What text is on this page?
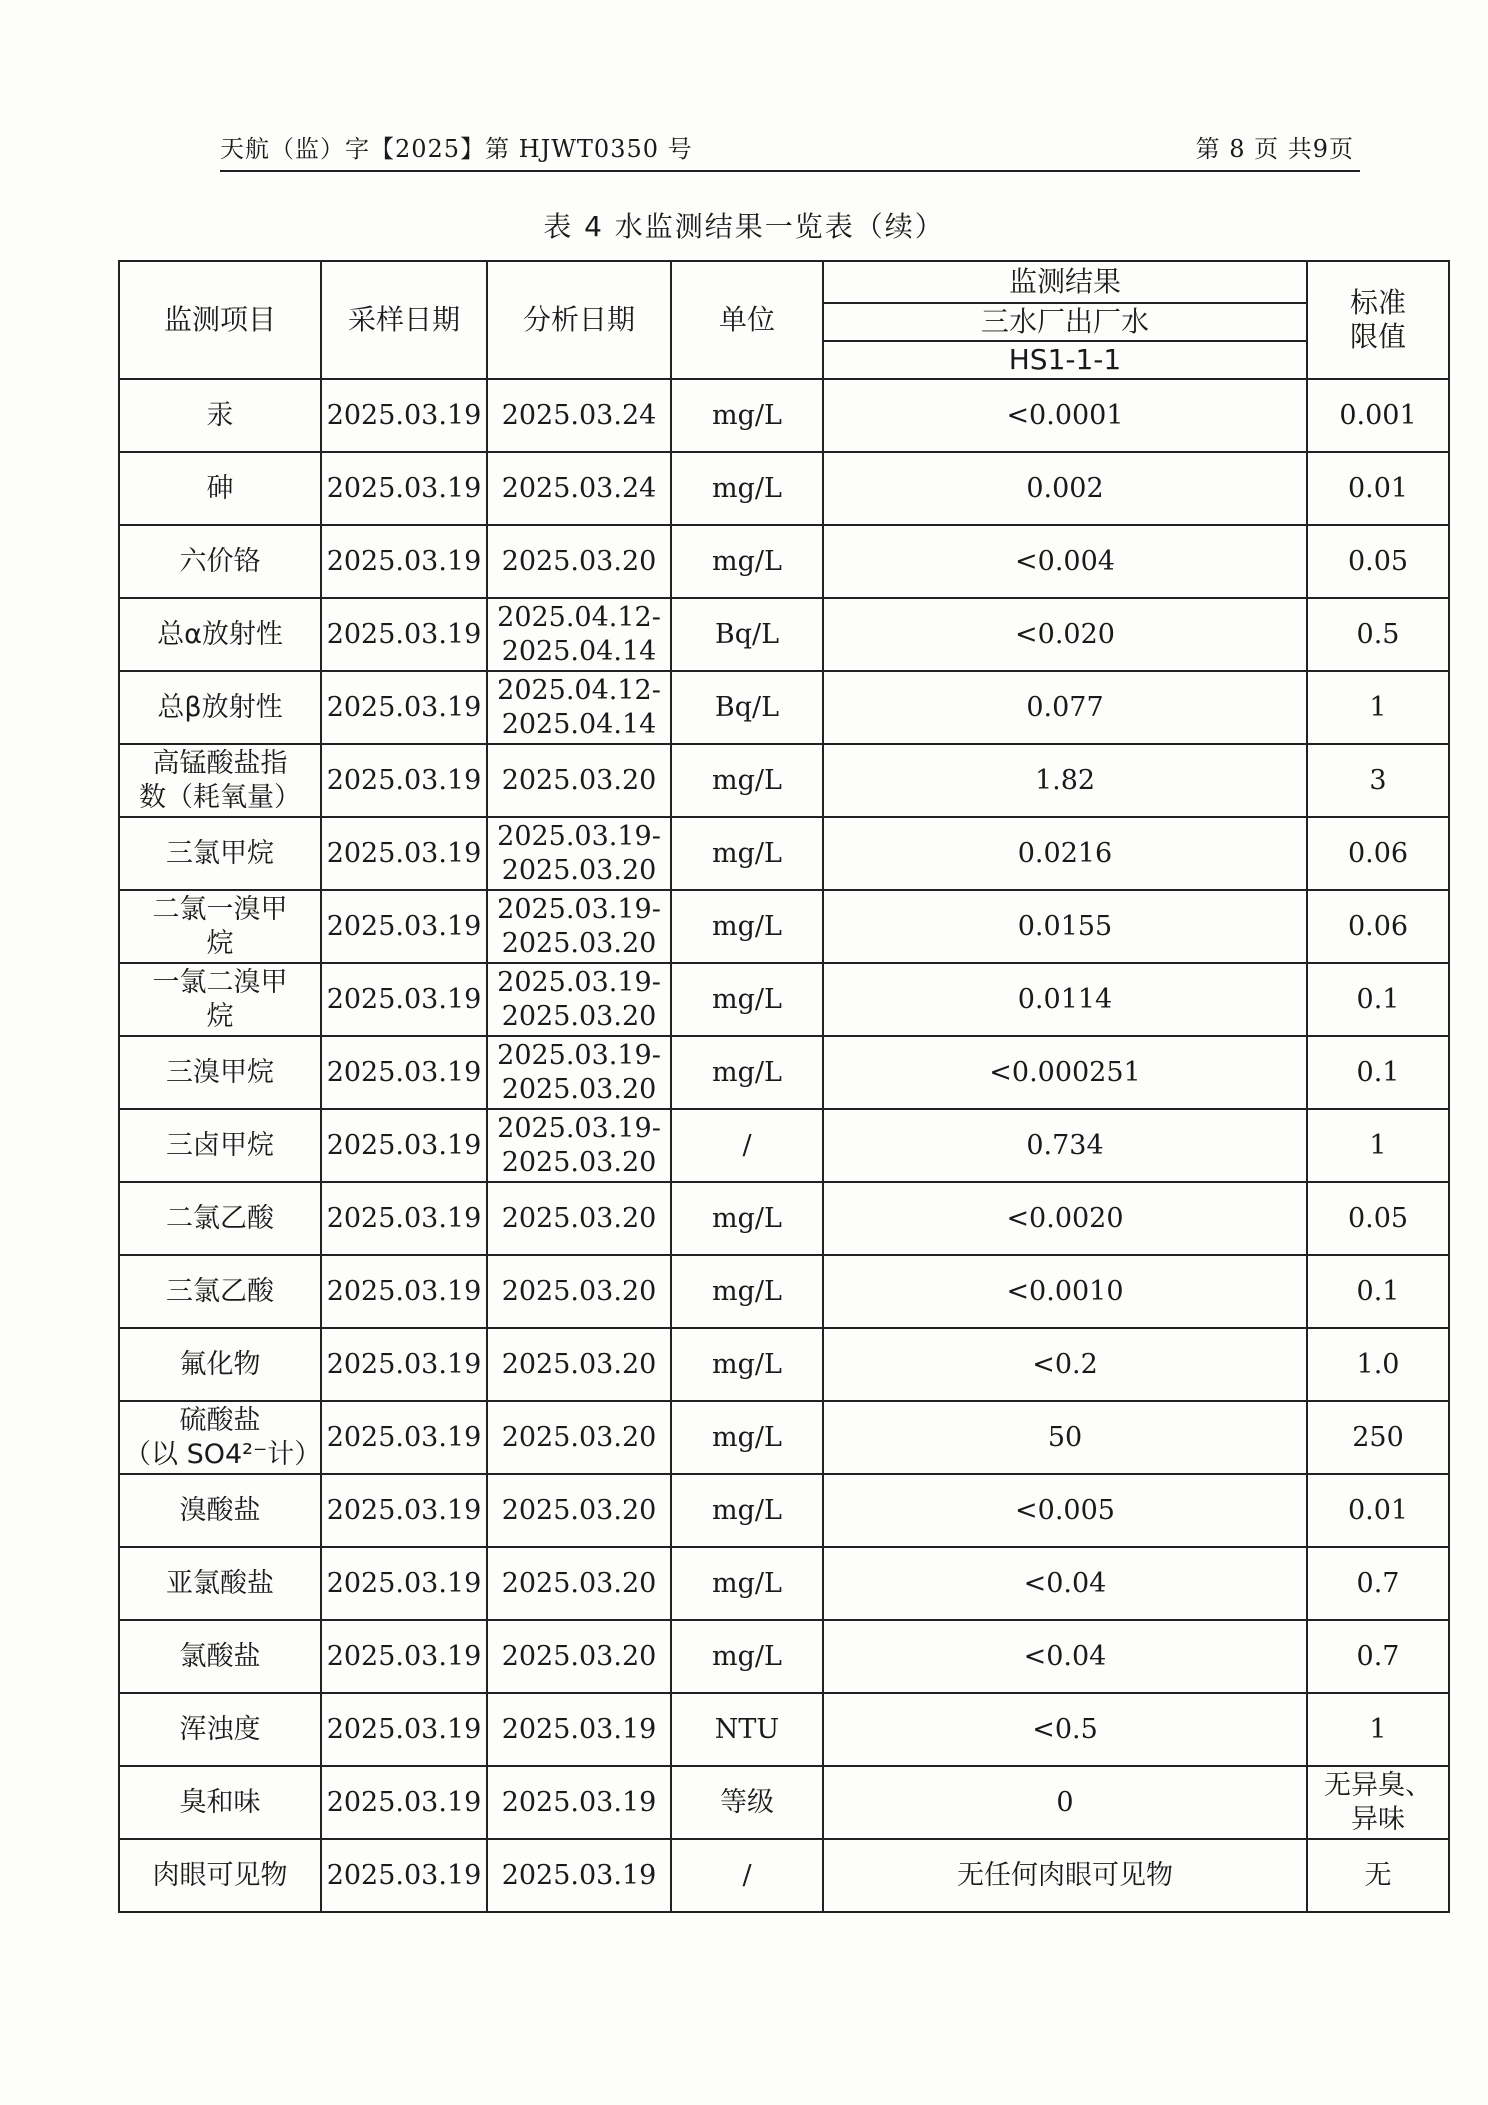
天航（监）字【2025】第 HJWT0350 号	第 8 页 共9页
表 4 水监测结果一览表（续）
监测项目	采样日期	分析日期	单位	监测结果	标准
限值

				三水厂出厂水	
				HS1-1-1	

汞	2025.03.19	2025.03.24	mg/L	<0.0001	0.001

砷	2025.03.19	2025.03.24	mg/L	0.002	0.01

六价铬	2025.03.19	2025.03.20	mg/L	<0.004	0.05

总α放射性	2025.03.19	2025.04.12-
2025.04.14	Bq/L	<0.020	0.5

总β放射性	2025.03.19	2025.04.12-
2025.04.14	Bq/L	0.077	1

高锰酸盐指
数（耗氧量）	2025.03.19	2025.03.20	mg/L	1.82	3

三氯甲烷	2025.03.19	2025.03.19-
2025.03.20	mg/L	0.0216	0.06

二氯一溴甲
烷	2025.03.19	2025.03.19-
2025.03.20	mg/L	0.0155	0.06

一氯二溴甲
烷	2025.03.19	2025.03.19-
2025.03.20	mg/L	0.0114	0.1

三溴甲烷	2025.03.19	2025.03.19-
2025.03.20	mg/L	<0.000251	0.1

三卤甲烷	2025.03.19	2025.03.19-
2025.03.20	/	0.734	1

二氯乙酸	2025.03.19	2025.03.20	mg/L	<0.0020	0.05

三氯乙酸	2025.03.19	2025.03.20	mg/L	<0.0010	0.1

氟化物	2025.03.19	2025.03.20	mg/L	<0.2	1.0

硫酸盐
（以 SO4²⁻计）	2025.03.19	2025.03.20	mg/L	50	250

溴酸盐	2025.03.19	2025.03.20	mg/L	<0.005	0.01

亚氯酸盐	2025.03.19	2025.03.20	mg/L	<0.04	0.7

氯酸盐	2025.03.19	2025.03.20	mg/L	<0.04	0.7

浑浊度	2025.03.19	2025.03.19	NTU	<0.5	1

臭和味	2025.03.19	2025.03.19	等级	0	无异臭、
异味

肉眼可见物	2025.03.19	2025.03.19	/	无任何肉眼可见物	无
